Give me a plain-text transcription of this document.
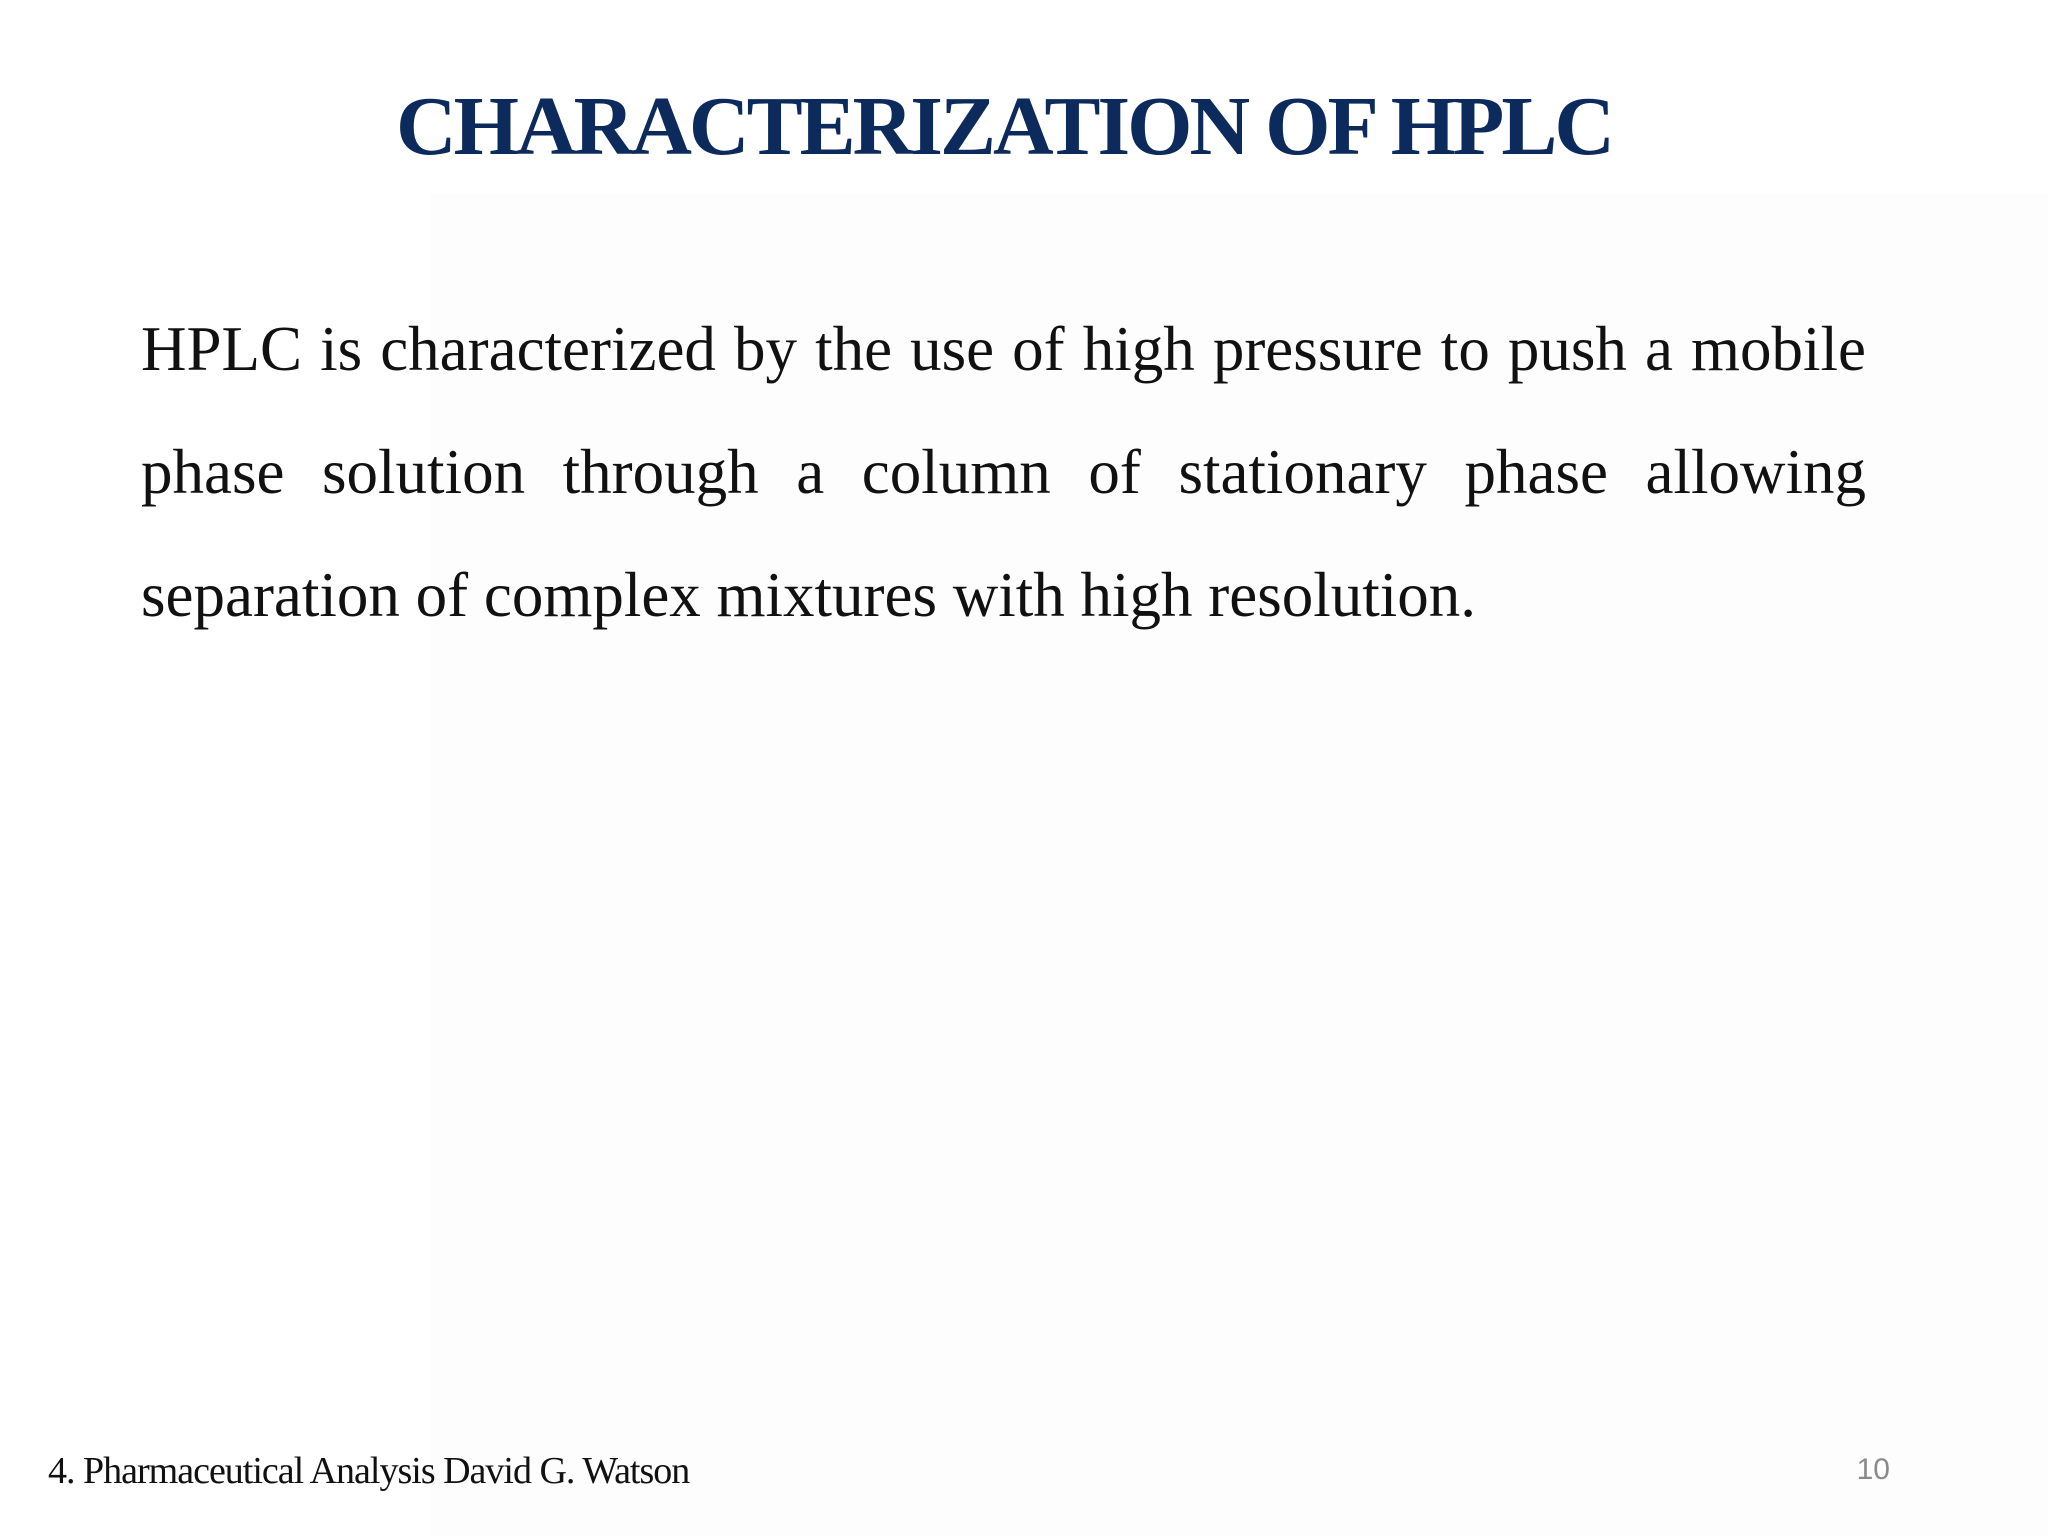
CHARACTERIZATION OF HPLC

HPLC is characterized by the use of high pressure to push a mobile phase solution through a column of stationary phase allowing separation of complex mixtures with high resolution.

4. Pharmaceutical Analysis David G. Watson	10
